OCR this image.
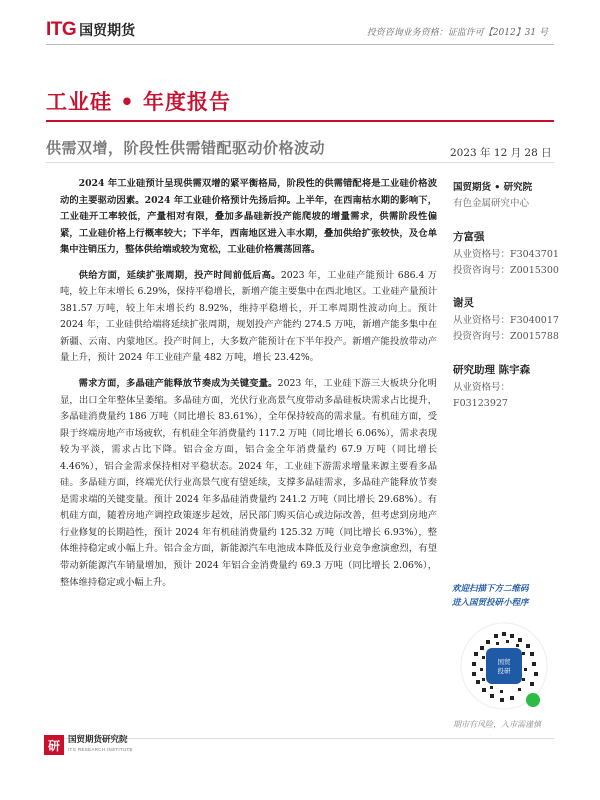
ITG 国贸期货	投资咨询业务资格：证监许可【2012】31 号
工业硅 • 年度报告
供需双增，阶段性供需错配驱动价格波动	2023 年 12 月 28 日

2024 年工业硅预计呈现供需双增的紧平衡格局，阶段性的供需错配将是工业硅价格波动的主要驱动因素。2024 年工业硅价格预计先扬后抑。上半年，在西南枯水期的影响下，工业硅开工率较低，产量相对有限，叠加多晶硅新投产能爬坡的增量需求，供需阶段性偏紧，工业硅价格上行概率较大；下半年，西南地区进入丰水期，叠加供给扩张较快，及仓单集中注销压力，整体供给端或较为宽松，工业硅价格震荡回落。

供给方面，延续扩张周期，投产时间前低后高。2023 年，工业硅产能预计 686.4 万吨，较上年末增长 6.29%，保持平稳增长，新增产能主要集中在西北地区。工业硅产量预计 381.57 万吨，较上年末增长约 8.92%，维持平稳增长，开工率周期性波动向上。预计 2024 年，工业硅供给端将延续扩张周期，规划投产产能约 274.5 万吨，新增产能多集中在新疆、云南、内蒙地区。投产时间上，大多数产能预计在下半年投产。新增产能投放带动产量上升，预计 2024 年工业硅产量 482 万吨，增长 23.42%。

需求方面，多晶硅产能释放节奏成为关键变量。2023 年，工业硅下游三大板块分化明显，出口全年整体呈萎缩。多晶硅方面，光伏行业高景气度带动多晶硅板块需求占比提升，多晶硅消费量约 186 万吨（同比增长 83.61%），全年保持较高的需求量。有机硅方面，受限于终端房地产市场疲软，有机硅全年消费量约 117.2 万吨（同比增长 6.06%），需求表现较为平淡，需求占比下降。铝合金方面，铝合金全年消费量约 67.9 万吨（同比增长 4.46%），铝合金需求保持相对平稳状态。2024 年，工业硅下游需求增量来源主要看多晶硅。多晶硅方面，终端光伏行业高景气度有望延续，支撑多晶硅需求，多晶硅产能释放节奏是需求端的关键变量。预计 2024 年多晶硅消费量约 241.2 万吨（同比增长 29.68%）。有机硅方面，随着房地产调控政策逐步起效，居民部门购买信心或边际改善，但考虑到房地产行业修复的长期趋性，预计 2024 年有机硅消费量约 125.32 万吨（同比增长 6.93%），整体维持稳定或小幅上升。铝合金方面，新能源汽车电池成本降低及行业竞争愈演愈烈，有望带动新能源汽车销量增加，预计 2024 年铝合金消费量约 69.3 万吨（同比增长 2.06%），整体维持稳定或小幅上升。

国贸期货 • 研究院
有色金属研究中心
方富强
从业资格号：F3043701
投资咨询号：Z0015300
谢灵
从业资格号：F3040017
投资咨询号：Z0015788
研究助理 陈宇森
从业资格号：F03123927
欢迎扫描下方二维码
进入国贸投研小程序
国贸
投研
期市有风险，入市需谨慎
研 国贸期货研究院
ITG RESEARCH INSTITUTE
